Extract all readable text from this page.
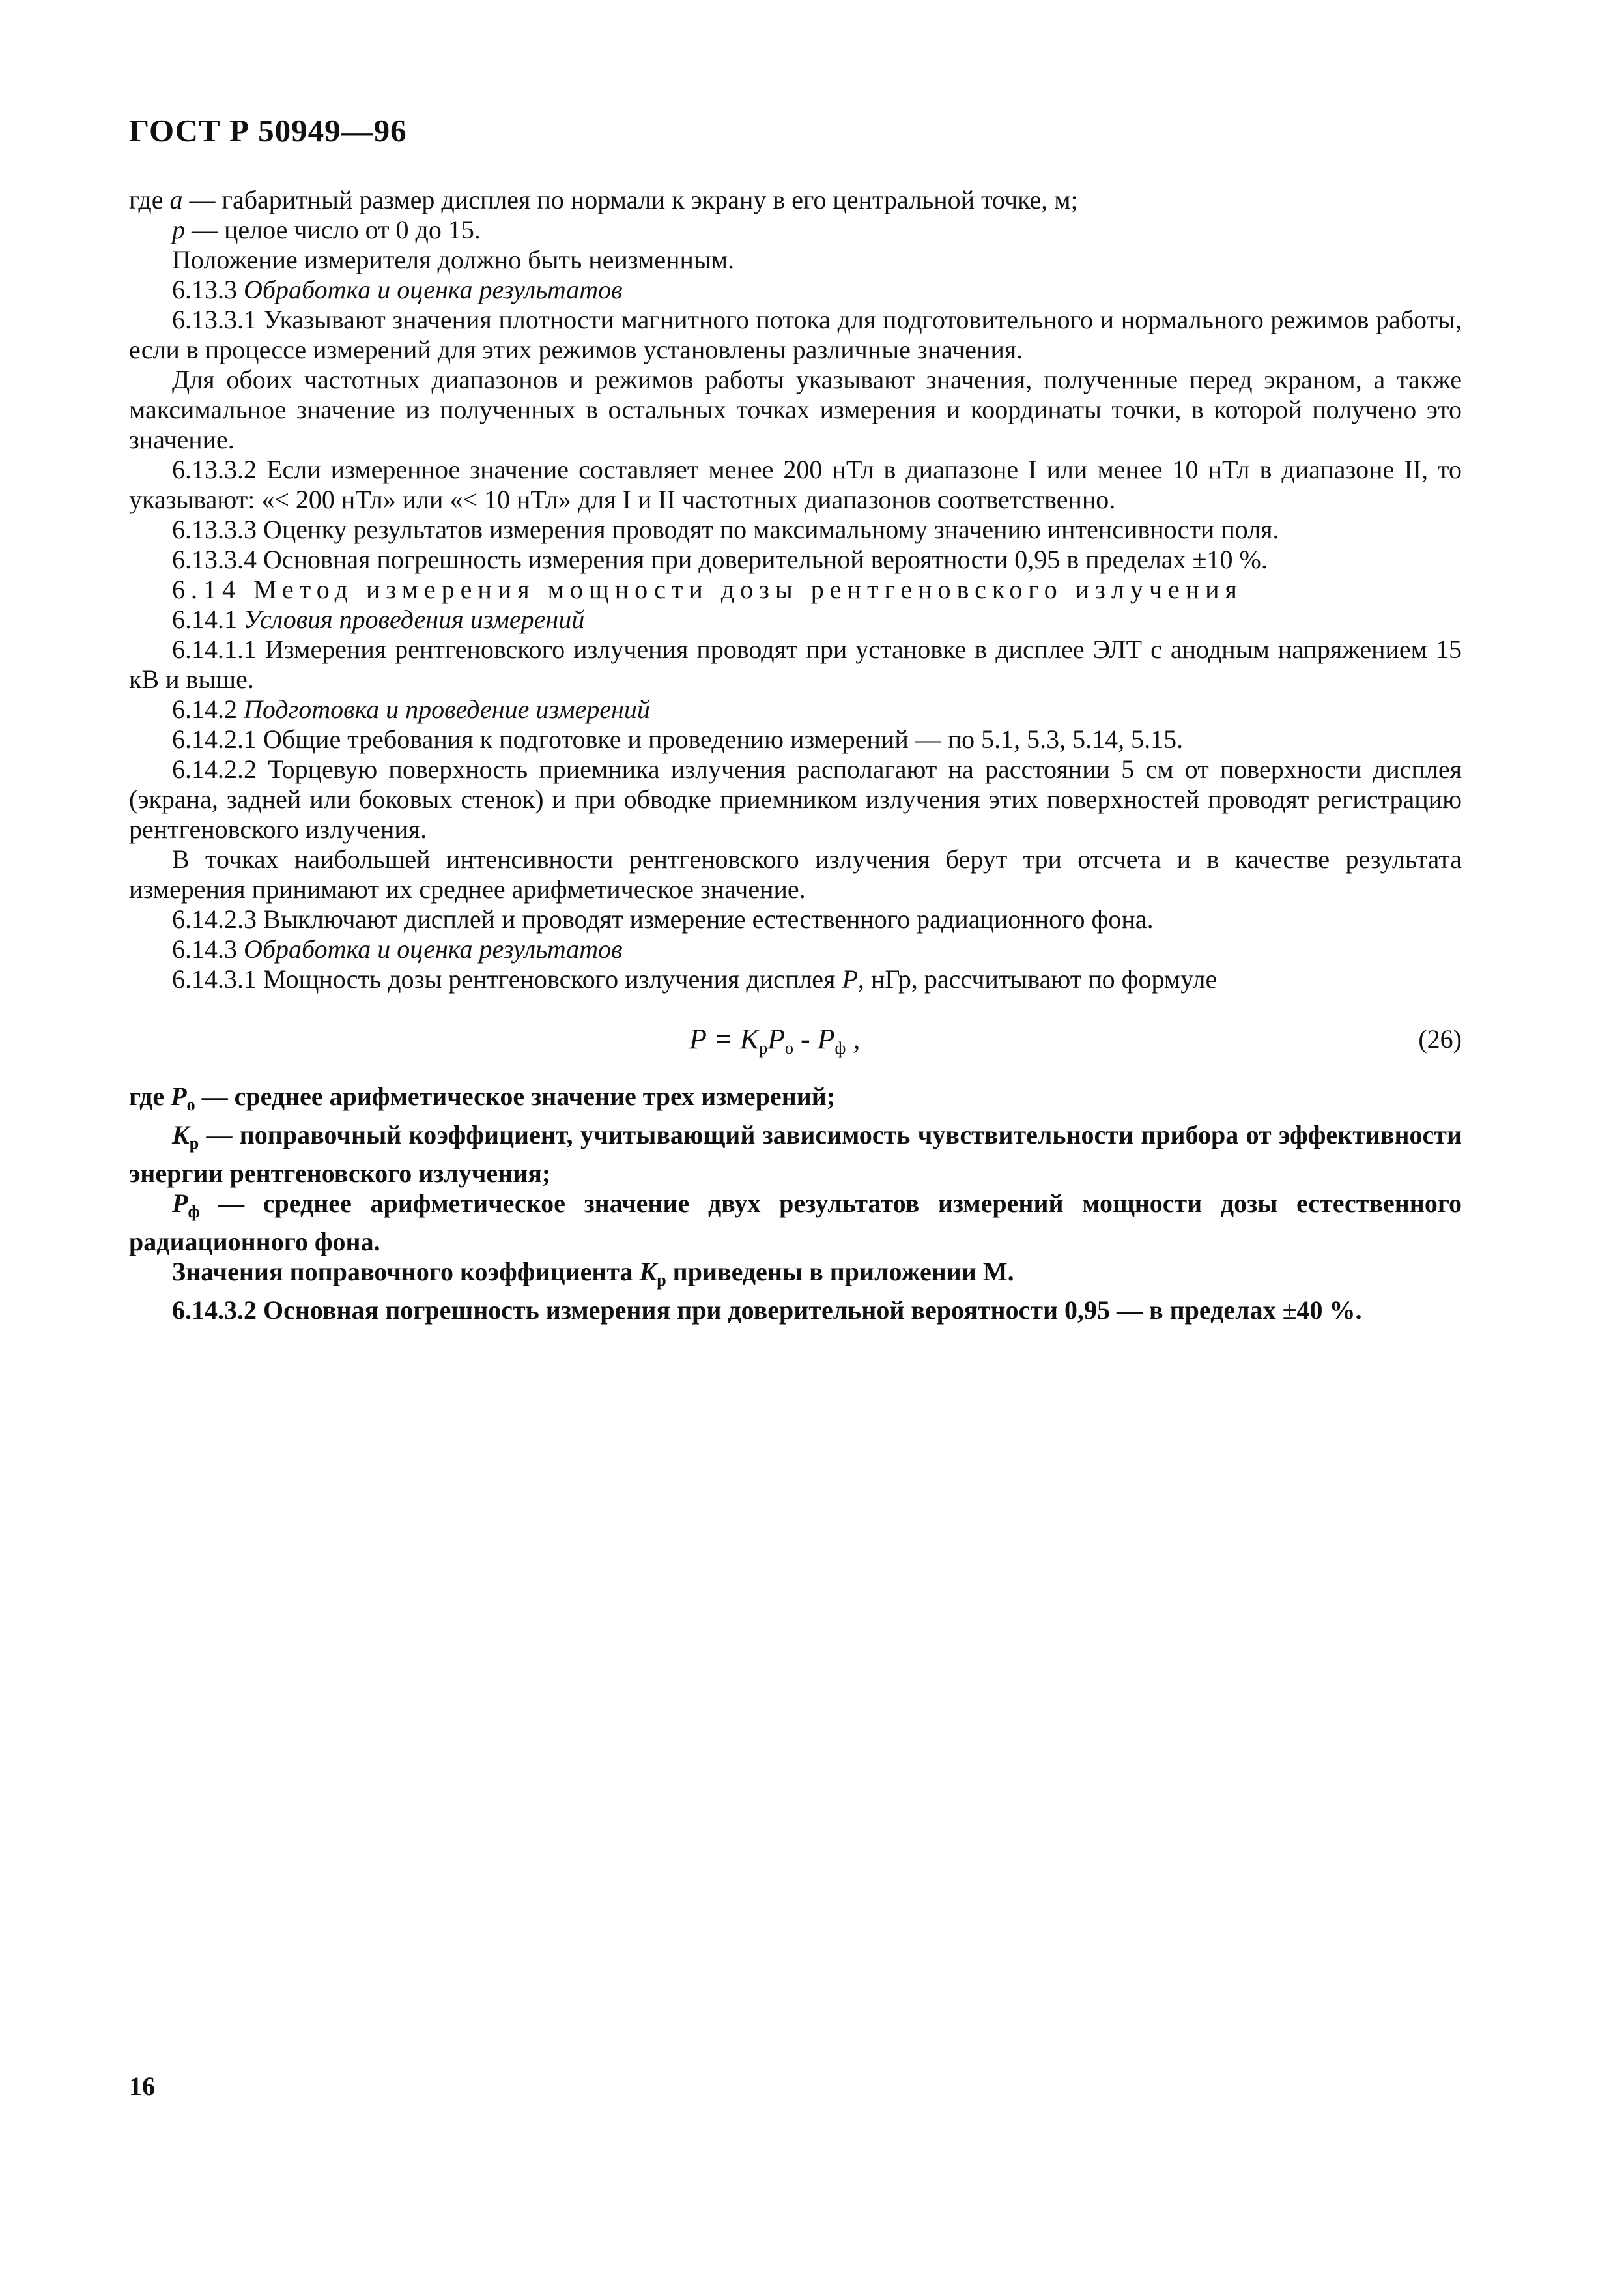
ГОСТ Р 50949—96

где a — габаритный размер дисплея по нормали к экрану в его центральной точке, м;

p — целое число от 0 до 15.

Положение измерителя должно быть неизменным.

6.13.3 Обработка и оценка результатов

6.13.3.1 Указывают значения плотности магнитного потока для подготовительного и нормального режимов работы, если в процессе измерений для этих режимов установлены различные значения.

Для обоих частотных диапазонов и режимов работы указывают значения, полученные перед экраном, а также максимальное значение из полученных в остальных точках измерения и координаты точки, в которой получено это значение.

6.13.3.2 Если измеренное значение составляет менее 200 нТл в диапазоне I или менее 10 нТл в диапазоне II, то указывают: «< 200 нТл» или «< 10 нТл» для I и II частотных диапазонов соответственно.

6.13.3.3 Оценку результатов измерения проводят по максимальному значению интенсивности поля.

6.13.3.4 Основная погрешность измерения при доверительной вероятности 0,95 в пределах ±10 %.

6.14 Метод измерения мощности дозы рентгеновского излучения

6.14.1 Условия проведения измерений

6.14.1.1 Измерения рентгеновского излучения проводят при установке в дисплее ЭЛТ с анодным напряжением 15 кВ и выше.

6.14.2 Подготовка и проведение измерений

6.14.2.1 Общие требования к подготовке и проведению измерений — по 5.1, 5.3, 5.14, 5.15.

6.14.2.2 Торцевую поверхность приемника излучения располагают на расстоянии 5 см от поверхности дисплея (экрана, задней или боковых стенок) и при обводке приемником излучения этих поверхностей проводят регистрацию рентгеновского излучения.

В точках наибольшей интенсивности рентгеновского излучения берут три отсчета и в качестве результата измерения принимают их среднее арифметическое значение.

6.14.2.3 Выключают дисплей и проводят измерение естественного радиационного фона.

6.14.3 Обработка и оценка результатов

6.14.3.1 Мощность дозы рентгеновского излучения дисплея P, нГр, рассчитывают по формуле

$P = K_рP_о - P_ф$ ,	(26)

где $P_о$ — среднее арифметическое значение трех измерений;

$K_р$ — поправочный коэффициент, учитывающий зависимость чувствительности прибора от эффективности энергии рентгеновского излучения;

$P_ф$ — среднее арифметическое значение двух результатов измерений мощности дозы естественного радиационного фона.

Значения поправочного коэффициента $K_р$ приведены в приложении М.

6.14.3.2 Основная погрешность измерения при доверительной вероятности 0,95 — в пределах ±40 %.

16
